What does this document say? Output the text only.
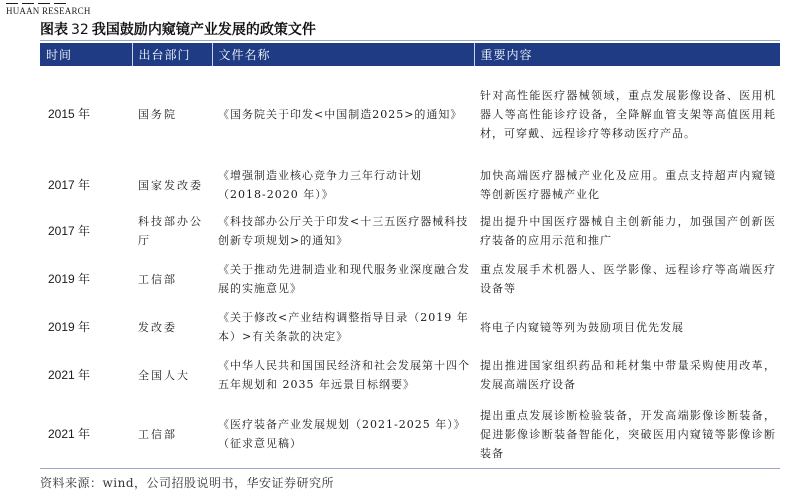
HUAAN RESEARCH
图表 32 我国鼓励内窥镜产业发展的政策文件
时间	出台部门	文件名称	重要内容
2015 年	国务院	《国务院关于印发<中国制造2025>的通知》	针对高性能医疗器械领域，重点发展影像设备、医用机器人等高性能诊疗设备，全降解血管支架等高值医用耗材，可穿戴、远程诊疗等移动医疗产品。
2017 年	国家发改委	《增强制造业核心竞争力三年行动计划（2018-2020 年）》	加快高端医疗器械产业化及应用。重点支持超声内窥镜等创新医疗器械产业化
2017 年	科技部办公厅	《科技部办公厅关于印发<十三五医疗器械科技创新专项规划>的通知》	提出提升中国医疗器械自主创新能力，加强国产创新医疗装备的应用示范和推广
2019 年	工信部	《关于推动先进制造业和现代服务业深度融合发展的实施意见》	重点发展手术机器人、医学影像、远程诊疗等高端医疗设备等
2019 年	发改委	《关于修改<产业结构调整指导目录（2019 年本）>有关条款的决定》	将电子内窥镜等列为鼓励项目优先发展
2021 年	全国人大	《中华人民共和国国民经济和社会发展第十四个五年规划和 2035 年远景目标纲要》	提出推进国家组织药品和耗材集中带量采购使用改革，发展高端医疗设备
2021 年	工信部	《医疗装备产业发展规划（2021-2025 年）》（征求意见稿）	提出重点发展诊断检验装备，开发高端影像诊断装备，促进影像诊断装备智能化，突破医用内窥镜等影像诊断装备
资料来源：wind，公司招股说明书，华安证券研究所
